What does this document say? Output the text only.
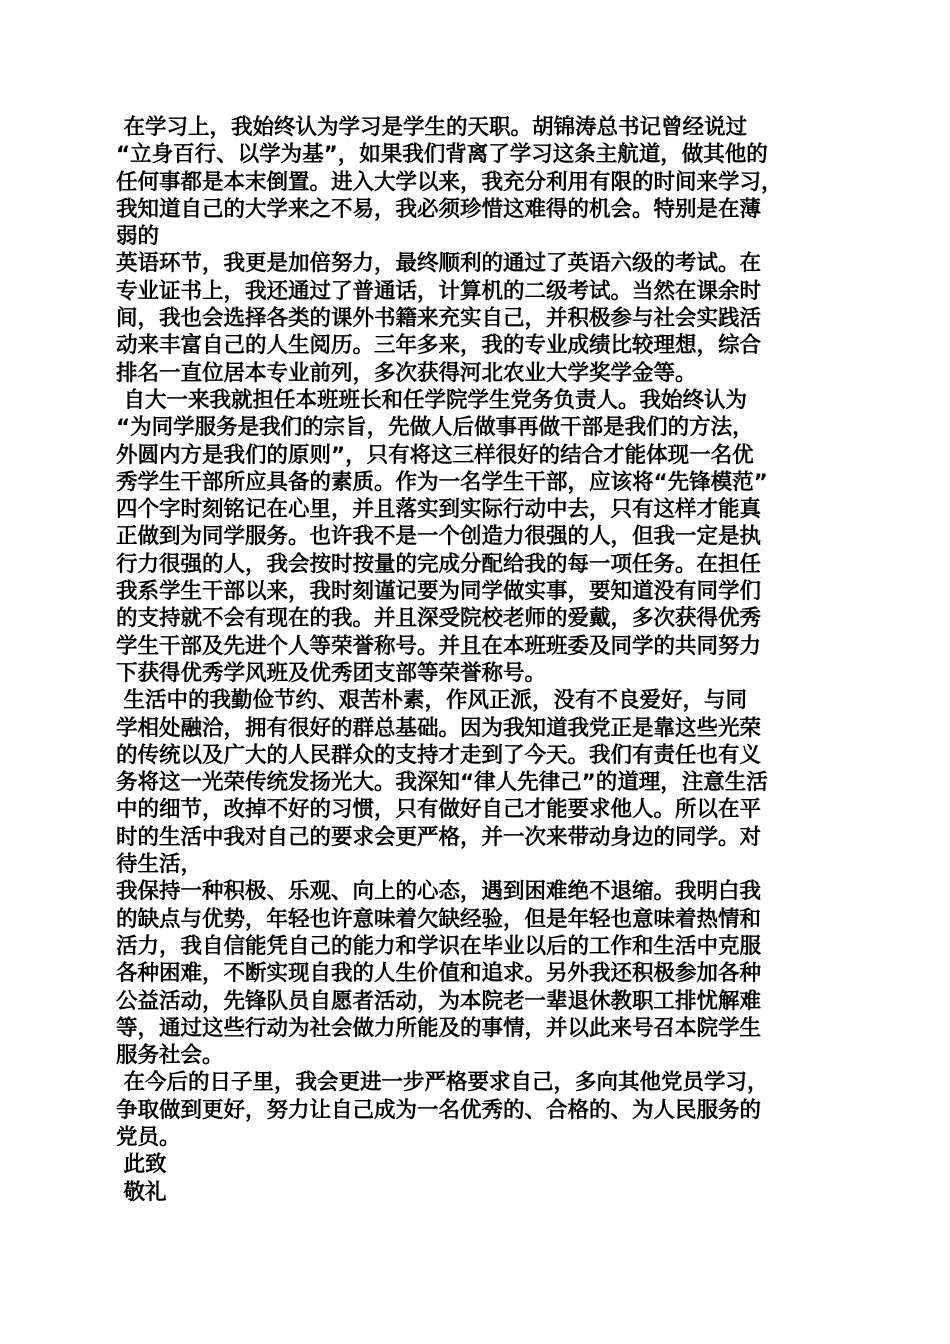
在学习上，我始终认为学习是学生的天职。胡锦涛总书记曾经说过
“立身百行、以学为基”，如果我们背离了学习这条主航道，做其他的
任何事都是本末倒置。进入大学以来，我充分利用有限的时间来学习，
我知道自己的大学来之不易，我必须珍惜这难得的机会。特别是在薄
弱的
英语环节，我更是加倍努力，最终顺利的通过了英语六级的考试。在
专业证书上，我还通过了普通话，计算机的二级考试。当然在课余时
间，我也会选择各类的课外书籍来充实自己，并积极参与社会实践活
动来丰富自己的人生阅历。三年多来，我的专业成绩比较理想，综合
排名一直位居本专业前列，多次获得河北农业大学奖学金等。
自大一来我就担任本班班长和任学院学生党务负责人。我始终认为
“为同学服务是我们的宗旨，先做人后做事再做干部是我们的方法，
外圆内方是我们的原则”，只有将这三样很好的结合才能体现一名优
秀学生干部所应具备的素质。作为一名学生干部，应该将“先锋模范”
四个字时刻铭记在心里，并且落实到实际行动中去，只有这样才能真
正做到为同学服务。也许我不是一个创造力很强的人，但我一定是执
行力很强的人，我会按时按量的完成分配给我的每一项任务。在担任
我系学生干部以来，我时刻谨记要为同学做实事，要知道没有同学们
的支持就不会有现在的我。并且深受院校老师的爱戴，多次获得优秀
学生干部及先进个人等荣誉称号。并且在本班班委及同学的共同努力
下获得优秀学风班及优秀团支部等荣誉称号。
生活中的我勤俭节约、艰苦朴素，作风正派，没有不良爱好，与同
学相处融洽，拥有很好的群总基础。因为我知道我党正是靠这些光荣
的传统以及广大的人民群众的支持才走到了今天。我们有责任也有义
务将这一光荣传统发扬光大。我深知“律人先律己”的道理，注意生活
中的细节，改掉不好的习惯，只有做好自己才能要求他人。所以在平
时的生活中我对自己的要求会更严格，并一次来带动身边的同学。对
待生活，
我保持一种积极、乐观、向上的心态，遇到困难绝不退缩。我明白我
的缺点与优势，年轻也许意味着欠缺经验，但是年轻也意味着热情和
活力，我自信能凭自己的能力和学识在毕业以后的工作和生活中克服
各种困难，不断实现自我的人生价值和追求。另外我还积极参加各种
公益活动，先锋队员自愿者活动，为本院老一辈退休教职工排忧解难
等，通过这些行动为社会做力所能及的事情，并以此来号召本院学生
服务社会。
在今后的日子里，我会更进一步严格要求自己，多向其他党员学习，
争取做到更好，努力让自己成为一名优秀的、合格的、为人民服务的
党员。
此致
敬礼
